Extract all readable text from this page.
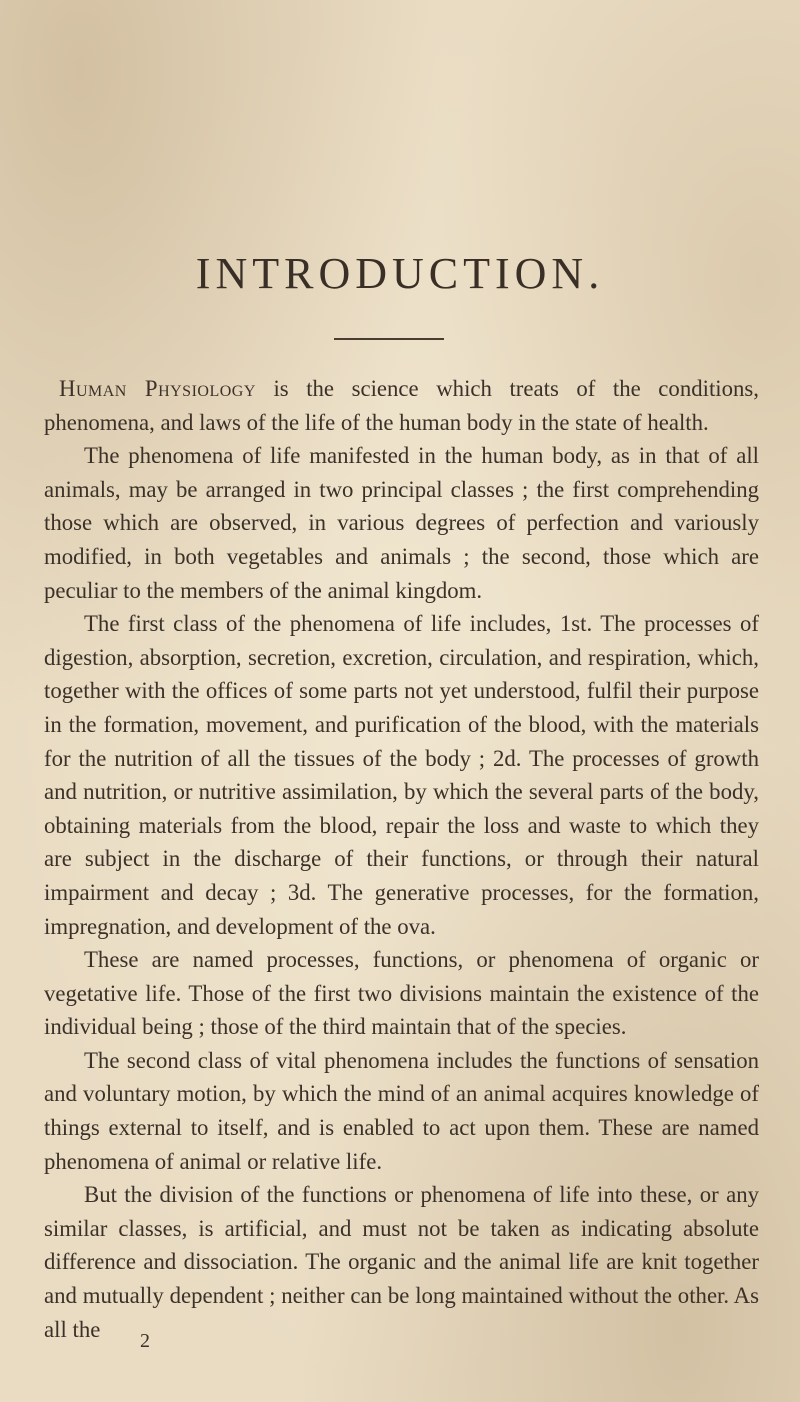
INTRODUCTION.

Human Physiology is the science which treats of the conditions, phenomena, and laws of the life of the human body in the state of health.

The phenomena of life manifested in the human body, as in that of all animals, may be arranged in two principal classes ; the first comprehending those which are observed, in various degrees of perfection and variously modified, in both vegetables and animals ; the second, those which are peculiar to the members of the animal kingdom.

The first class of the phenomena of life includes, 1st. The processes of digestion, absorption, secretion, excretion, circulation, and respiration, which, together with the offices of some parts not yet understood, fulfil their purpose in the formation, movement, and purification of the blood, with the materials for the nutrition of all the tissues of the body ; 2d. The processes of growth and nutrition, or nutritive assimilation, by which the several parts of the body, obtaining materials from the blood, repair the loss and waste to which they are subject in the discharge of their functions, or through their natural impairment and decay ; 3d. The generative processes, for the formation, impregnation, and development of the ova.

These are named processes, functions, or phenomena of organic or vegetative life. Those of the first two divisions maintain the existence of the individual being ; those of the third maintain that of the species.

The second class of vital phenomena includes the functions of sensation and voluntary motion, by which the mind of an animal acquires knowledge of things external to itself, and is enabled to act upon them. These are named phenomena of animal or relative life.

But the division of the functions or phenomena of life into these, or any similar classes, is artificial, and must not be taken as indicating absolute difference and dissociation. The organic and the animal life are knit together and mutually dependent ; neither can be long maintained without the other. As all the	2
